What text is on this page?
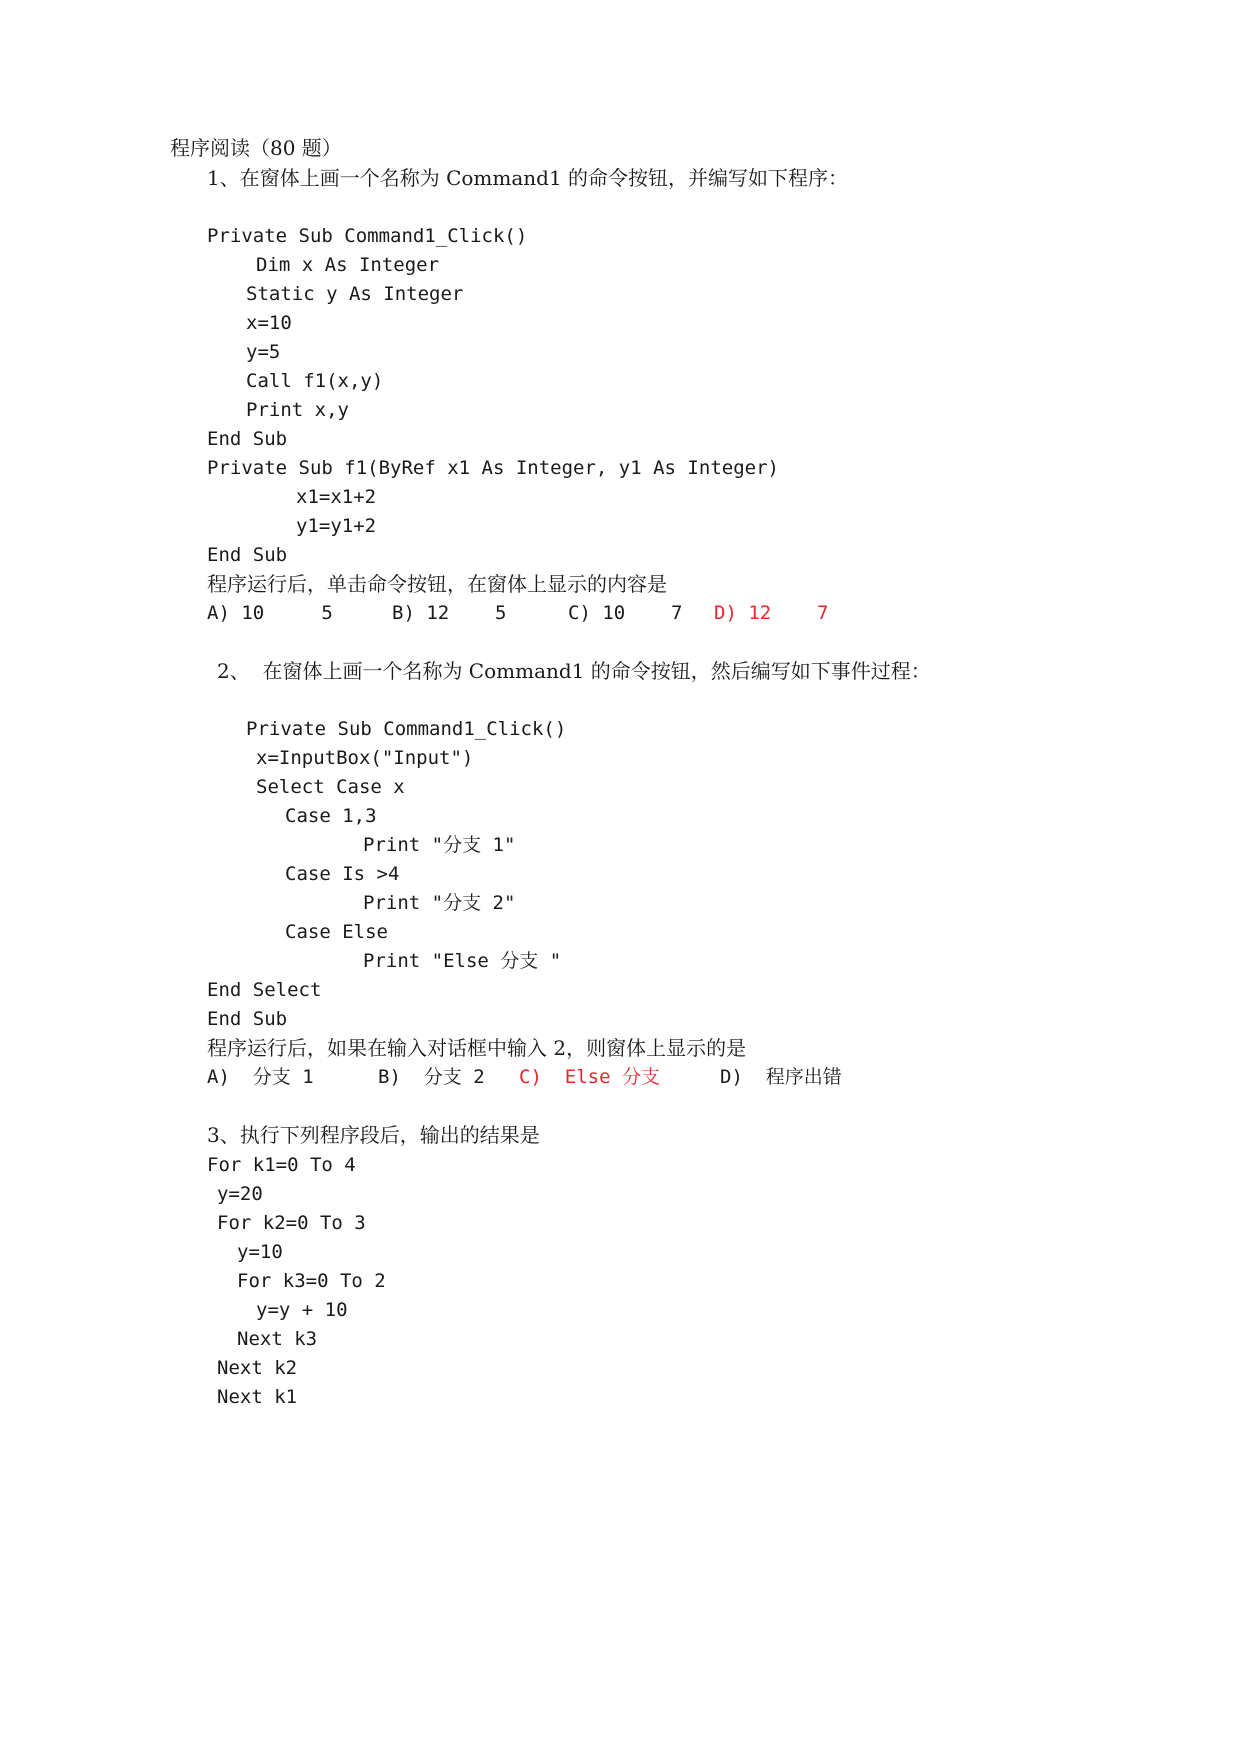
程序阅读（80 题）
1、在窗体上画一个名称为 Command1 的命令按钮，并编写如下程序：
Private Sub Command1_Click()
Dim x As Integer
Static y As Integer
x=10
y=5
Call f1(x,y)
Print x,y
End Sub
Private Sub f1(ByRef x1 As Integer, y1 As Integer)
x1=x1+2
y1=y1+2
End Sub
程序运行后，单击命令按钮，在窗体上显示的内容是
A) 10     5	B) 12    5	C) 10    7 D) 12    7
2、  在窗体上画一个名称为 Command1 的命令按钮，然后编写如下事件过程：
Private Sub Command1_Click()
x=InputBox("Input")
Select Case x
Case 1,3
Print "分支 1"
Case Is >4
Print "分支 2"
Case Else
Print "Else 分支 "
End Select
End Sub
程序运行后，如果在输入对话框中输入 2，则窗体上显示的是
A)  分支 1	B)  分支 2 C)  Else 分支	D)  程序出错
3、执行下列程序段后，输出的结果是
For k1=0 To 4
y=20
For k2=0 To 3
y=10
For k3=0 To 2
y=y + 10
Next k3
Next k2
Next k1
